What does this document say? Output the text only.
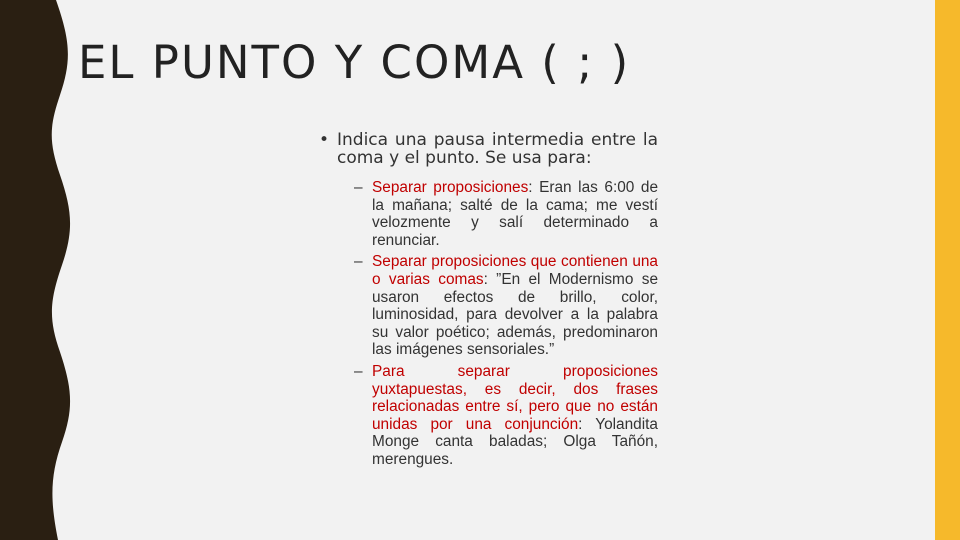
EL PUNTO Y COMA ( ; )

• Indica una pausa intermedia entre la coma y el punto. Se usa para:

– Separar proposiciones: Eran las 6:00 de la mañana; salté de la cama; me vestí velozmente y salí determinado a renunciar.
– Separar proposiciones que contienen una o varias comas: ”En el Modernismo se usaron efectos de brillo, color, luminosidad, para devolver a la palabra su valor poético; además, predominaron las imágenes sensoriales.”
– Para separar proposiciones yuxtapuestas, es decir, dos frases relacionadas entre sí, pero que no están unidas por una conjunción: Yolandita Monge canta baladas; Olga Tañón, merengues.
